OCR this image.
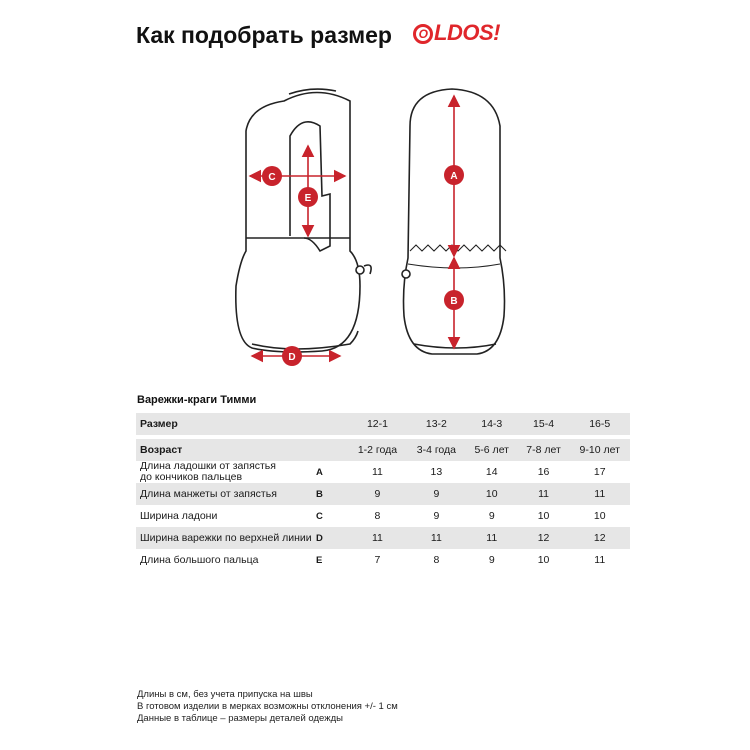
Как подобрать размер	O LDOS!
C
E
D
A
B
Варежки-краги Тимми
Размер		12-1	13-2	14-3	15-4	16-5

Возраст		1-2 года	3-4 года	5-6 лет	7-8 лет	9-10 лет
Длина ладошки от запястья
до кончиков пальцев	A	11	13	14	16	17
Длина манжеты от запястья	B	9	9	10	11	11
Ширина ладони	C	8	9	9	10	10
Ширина варежки по верхней линии	D	11	11	11	12	12
Длина большого пальца	E	7	8	9	10	11
Длины в см, без учета припуска на швы
В готовом изделии в мерках возможны отклонения +/- 1 см
Данные в таблице – размеры деталей одежды
